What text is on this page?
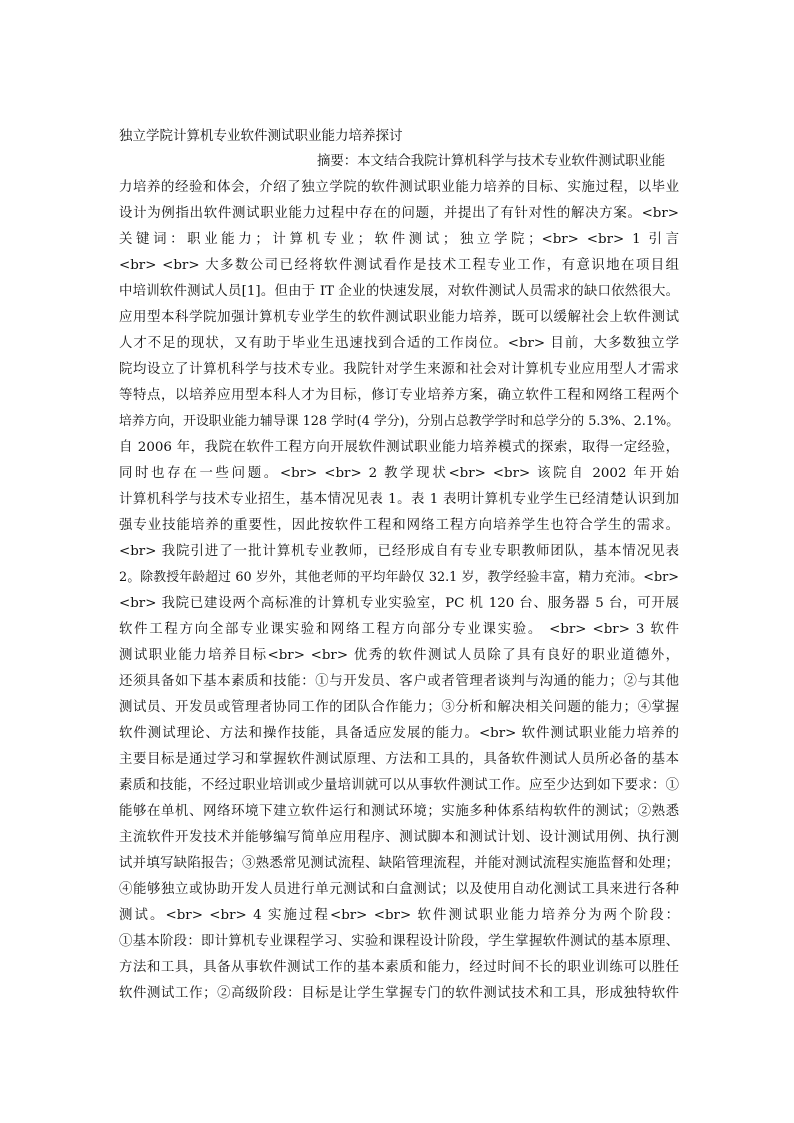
独立学院计算机专业软件测试职业能力培养探讨
摘要：本文结合我院计算机科学与技术专业软件测试职业能
力培养的经验和体会，介绍了独立学院的软件测试职业能力培养的目标、实施过程，以毕业
设计为例指出软件测试职业能力过程中存在的问题，并提出了有针对性的解决方案。<br>
关键词：职业能力；计算机专业；软件测试；独立学院；<br> <br> 1 引言
<br> <br> 大多数公司已经将软件测试看作是技术工程专业工作，有意识地在项目组
中培训软件测试人员[1]。但由于 IT 企业的快速发展，对软件测试人员需求的缺口依然很大。
应用型本科学院加强计算机专业学生的软件测试职业能力培养，既可以缓解社会上软件测试
人才不足的现状，又有助于毕业生迅速找到合适的工作岗位。<br> 目前，大多数独立学
院均设立了计算机科学与技术专业。我院针对学生来源和社会对计算机专业应用型人才需求
等特点，以培养应用型本科人才为目标，修订专业培养方案，确立软件工程和网络工程两个
培养方向，开设职业能力辅导课 128 学时(4 学分)，分别占总教学学时和总学分的 5.3%、2.1%。
自 2006 年，我院在软件工程方向开展软件测试职业能力培养模式的探索，取得一定经验，
同时也存在一些问题。<br> <br> 2 教学现状<br> <br> 该院自 2002 年开始
计算机科学与技术专业招生，基本情况见表 1。表 1 表明计算机专业学生已经清楚认识到加
强专业技能培养的重要性，因此按软件工程和网络工程方向培养学生也符合学生的需求。
<br> 我院引进了一批计算机专业教师，已经形成自有专业专职教师团队，基本情况见表
2。除教授年龄超过 60 岁外，其他老师的平均年龄仅 32.1 岁，教学经验丰富，精力充沛。<br>
<br> 我院已建设两个高标准的计算机专业实验室，PC 机 120 台、服务器 5 台，可开展
软件工程方向全部专业课实验和网络工程方向部分专业课实验。 <br> <br> 3 软件
测试职业能力培养目标<br> <br> 优秀的软件测试人员除了具有良好的职业道德外，
还须具备如下基本素质和技能：①与开发员、客户或者管理者谈判与沟通的能力；②与其他
测试员、开发员或管理者协同工作的团队合作能力；③分析和解决相关问题的能力；④掌握
软件测试理论、方法和操作技能，具备适应发展的能力。<br> 软件测试职业能力培养的
主要目标是通过学习和掌握软件测试原理、方法和工具的，具备软件测试人员所必备的基本
素质和技能，不经过职业培训或少量培训就可以从事软件测试工作。应至少达到如下要求：①
能够在单机、网络环境下建立软件运行和测试环境；实施多种体系结构软件的测试；②熟悉
主流软件开发技术并能够编写简单应用程序、测试脚本和测试计划、设计测试用例、执行测
试并填写缺陷报告；③熟悉常见测试流程、缺陷管理流程，并能对测试流程实施监督和处理；
④能够独立或协助开发人员进行单元测试和白盒测试；以及使用自动化测试工具来进行各种
测试。<br> <br> 4 实施过程<br> <br> 软件测试职业能力培养分为两个阶段：
①基本阶段：即计算机专业课程学习、实验和课程设计阶段，学生掌握软件测试的基本原理、
方法和工具，具备从事软件测试工作的基本素质和能力，经过时间不长的职业训练可以胜任
软件测试工作；②高级阶段：目标是让学生掌握专门的软件测试技术和工具，形成独特软件
